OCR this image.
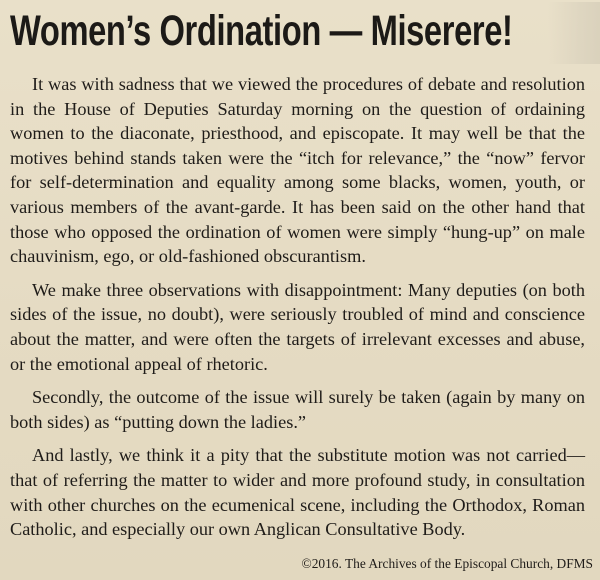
Women’s Ordination — Miserere!

It was with sadness that we viewed the procedures of debate and resolution in the House of Deputies Saturday morning on the question of ordaining women to the diaconate, priesthood, and episcopate. It may well be that the motives behind stands taken were the “itch for relevance,” the “now” fervor for self-determination and equality among some blacks, women, youth, or various members of the avant-garde. It has been said on the other hand that those who opposed the ordination of women were simply “hung-up” on male chauvinism, ego, or old-fashioned obscurantism.

We make three observations with disappointment: Many deputies (on both sides of the issue, no doubt), were seriously troubled of mind and conscience about the matter, and were often the targets of irrelevant excesses and abuse, or the emotional appeal of rhetoric.

Secondly, the outcome of the issue will surely be taken (again by many on both sides) as “putting down the ladies.”

And lastly, we think it a pity that the substitute motion was not carried—that of referring the matter to wider and more profound study, in consultation with other churches on the ecumenical scene, including the Orthodox, Roman Catholic, and especially our own Anglican Consultative Body.

©2016. The Archives of the Episcopal Church, DFMS
